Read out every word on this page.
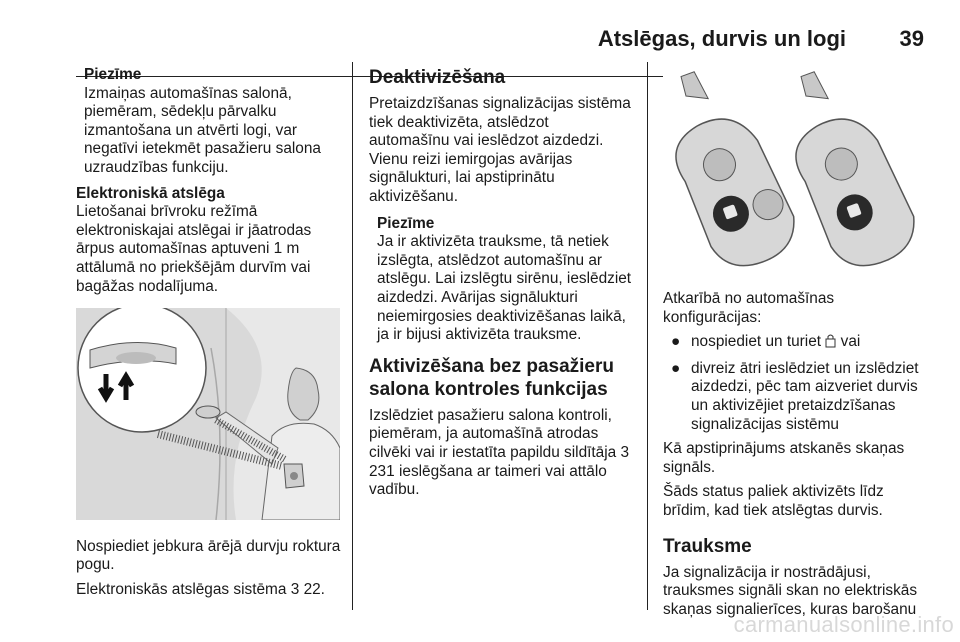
Atslēgas, durvis un logi 39

Piezīme

Izmaiņas automašīnas salonā, piemēram, sēdekļu pārvalku izmantošana un atvērti logi, var negatīvi ietekmēt pasažieru salona uzraudzības funkciju.

Elektroniskā atslēga

Lietošanai brīvroku režīmā elektroniskajai atslēgai ir jāatrodas ārpus automašīnas aptuveni 1 m attālumā no priekšējām durvīm vai bagāžas nodalījuma.

Nospiediet jebkura ārējā durvju roktura pogu.

Elektroniskās atslēgas sistēma 3 22.

Deaktivizēšana

Pretaizdzīšanas signalizācijas sistēma tiek deaktivizēta, atslēdzot automašīnu vai ieslēdzot aizdedzi. Vienu reizi iemirgojas avārijas signālukturi, lai apstiprinātu aktivizēšanu.

Piezīme

Ja ir aktivizēta trauksme, tā netiek izslēgta, atslēdzot automašīnu ar atslēgu. Lai izslēgtu sirēnu, ieslēdziet aizdedzi. Avārijas signālukturi neiemirgosies deaktivizēšanas laikā, ja ir bijusi aktivizēta trauksme.

Aktivizēšana bez pasažieru salona kontroles funkcijas

Izslēdziet pasažieru salona kontroli, piemēram, ja automašīnā atrodas cilvēki vai ir iestatīta papildu sildītāja 3 231 ieslēgšana ar taimeri vai attālo vadību.

Atkarībā no automašīnas konfigurācijas:

● nospiediet un turiet vai
● divreiz ātri ieslēdziet un izslēdziet aizdedzi, pēc tam aizveriet durvis un aktivizējiet pretaizdzīšanas signalizācijas sistēmu

Kā apstiprinājums atskanēs skaņas signāls.

Šāds status paliek aktivizēts līdz brīdim, kad tiek atslēgtas durvis.

Trauksme

Ja signalizācija ir nostrādājusi, trauksmes signāli skan no elektriskās skaņas signalierīces, kuras barošanu

carmanualsonline.info
